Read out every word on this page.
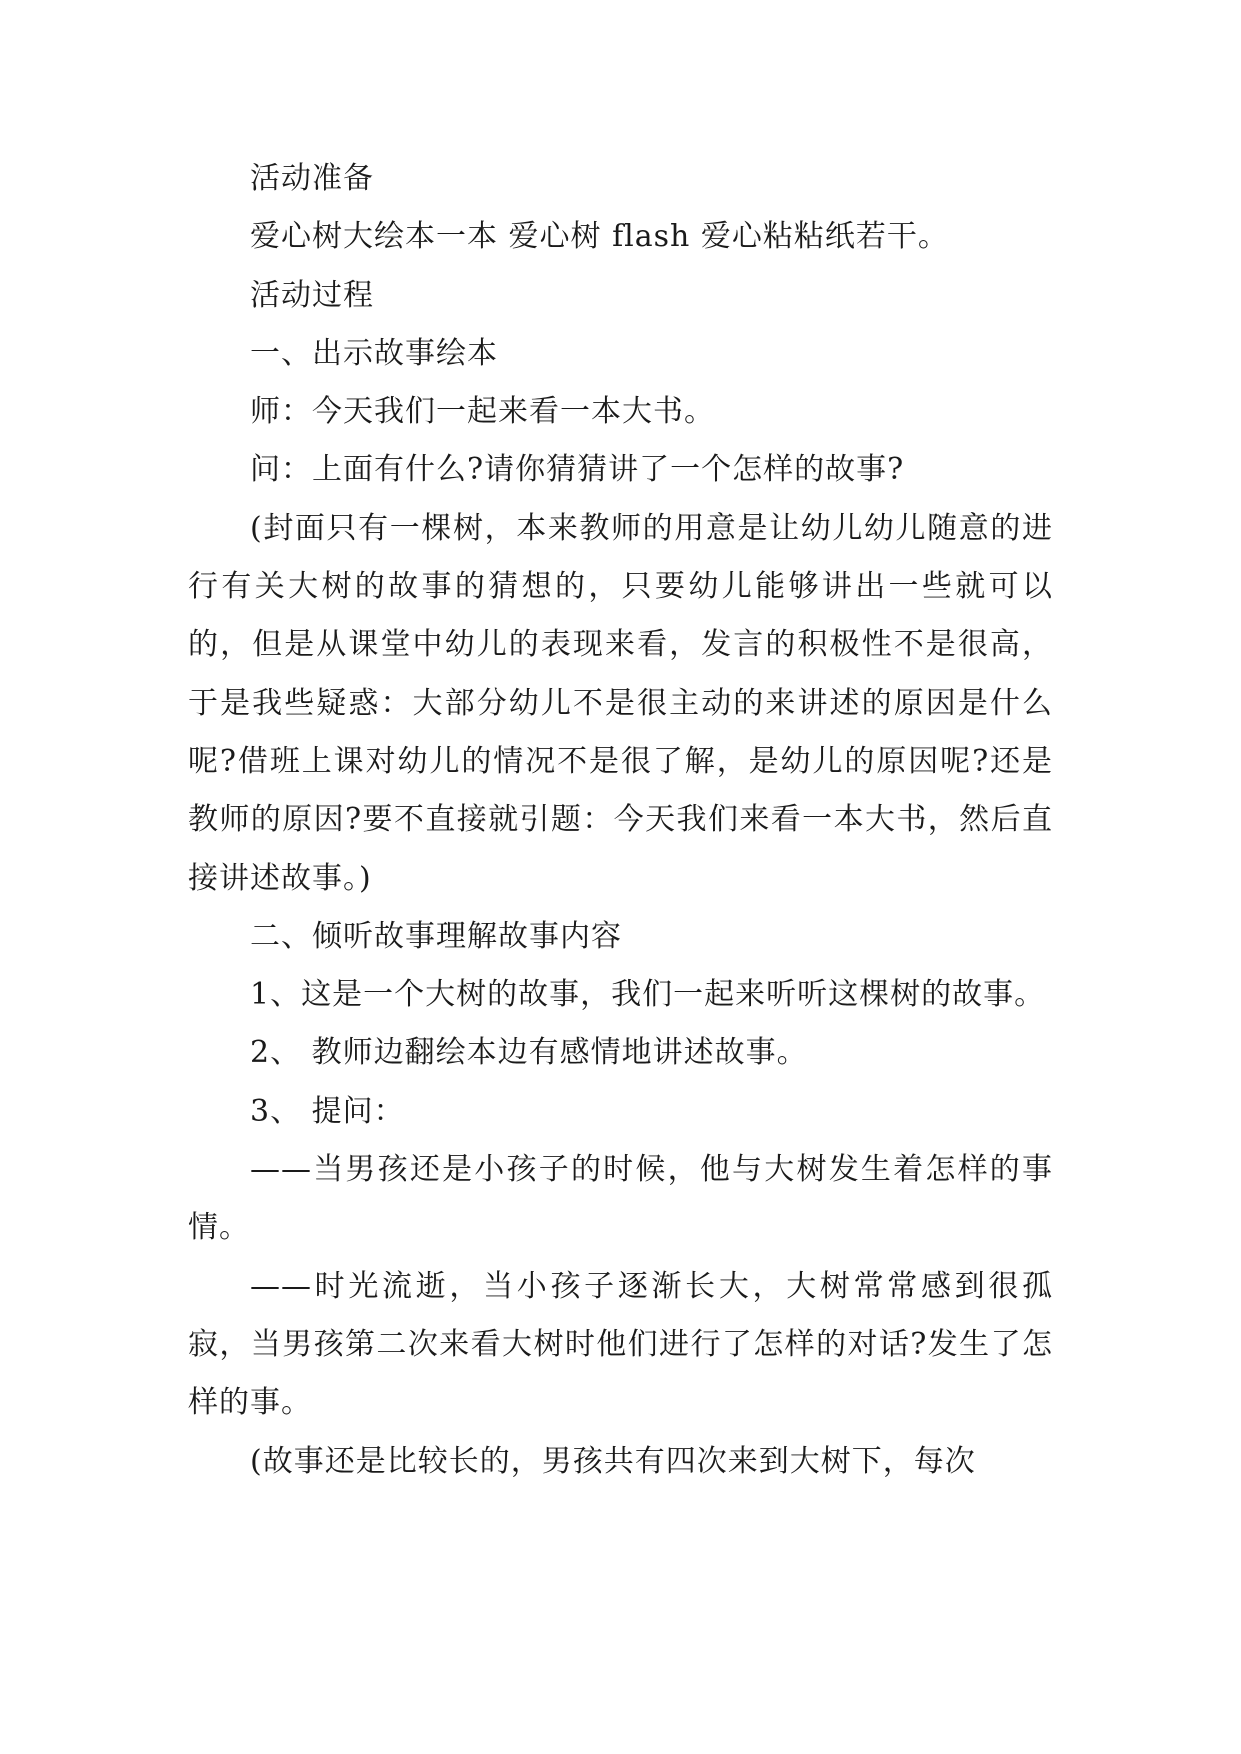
活动准备

爱心树大绘本一本 爱心树 flash 爱心粘粘纸若干。

活动过程

一、出示故事绘本

师：今天我们一起来看一本大书。

问：上面有什么?请你猜猜讲了一个怎样的故事?

(封面只有一棵树，本来教师的用意是让幼儿幼儿随意的进行有关大树的故事的猜想的，只要幼儿能够讲出一些就可以的，但是从课堂中幼儿的表现来看，发言的积极性不是很高，于是我些疑惑：大部分幼儿不是很主动的来讲述的原因是什么呢?借班上课对幼儿的情况不是很了解，是幼儿的原因呢?还是教师的原因?要不直接就引题：今天我们来看一本大书，然后直接讲述故事。)

二、倾听故事理解故事内容

1、这是一个大树的故事，我们一起来听听这棵树的故事。

2、 教师边翻绘本边有感情地讲述故事。

3、 提问：

——当男孩还是小孩子的时候，他与大树发生着怎样的事情。

——时光流逝，当小孩子逐渐长大，大树常常感到很孤寂，当男孩第二次来看大树时他们进行了怎样的对话?发生了怎样的事。

(故事还是比较长的，男孩共有四次来到大树下，每次
